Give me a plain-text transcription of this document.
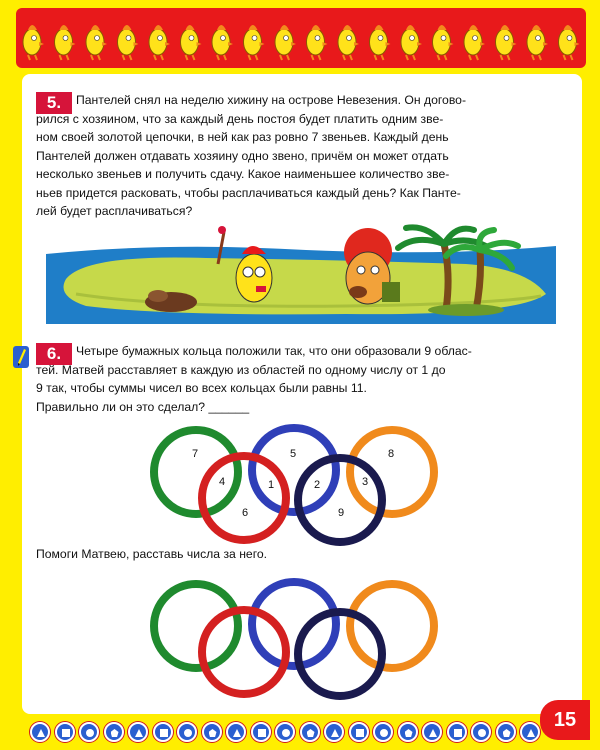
5.	Пантелей снял на неделю хижину на острове Невезения. Он догово-

рился с хозяином, что за каждый день постоя будет платить одним зве-

ном своей золотой цепочки, в ней как раз ровно 7 звеньев. Каждый день

Пантелей должен отдавать хозяину одно звено, причём он может отдать

несколько звеньев и получить сдачу. Какое наименьшее количество зве-

ньев придется расковать, чтобы расплачиваться каждый день? Как Панте-

лей будет расплачиваться?

6.	Четыре бумажных кольца положили так, что они образовали 9 облас-

тей. Матвей расставляет в каждую из областей по одному числу от 1 до

9 так, чтобы суммы чисел во всех кольцах были равны 11.

Правильно ли он это сделал? ______

7	5	8
4	1	2	3
6	9
Помоги Матвею, расставь числа за него.
15
